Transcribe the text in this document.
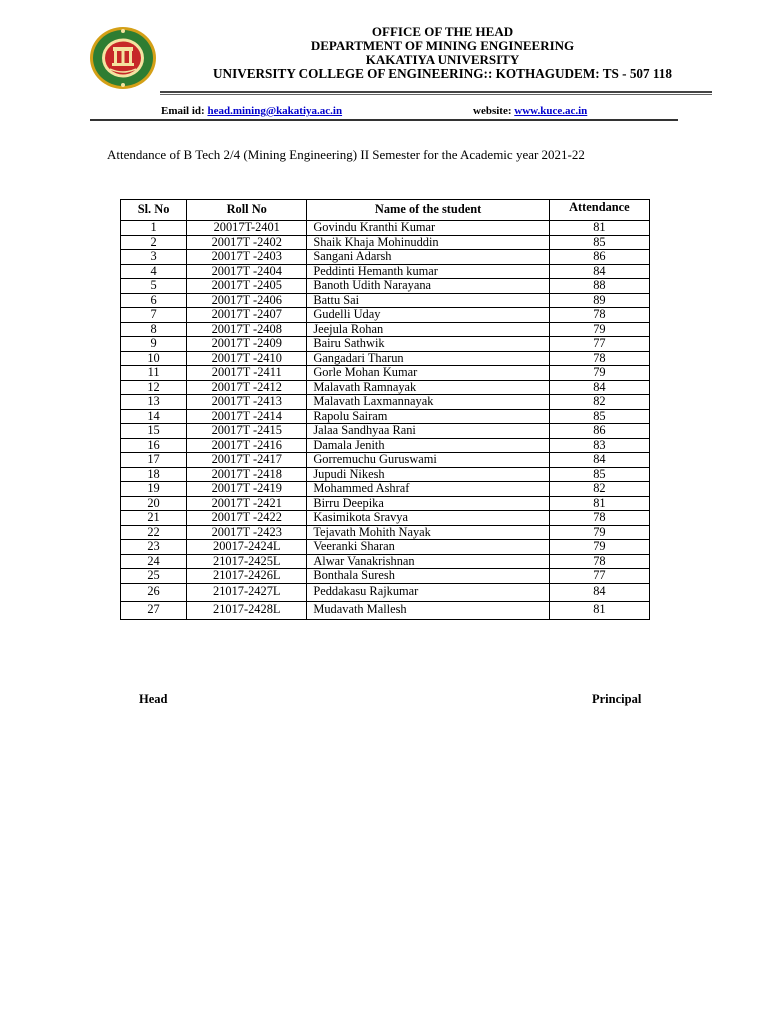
OFFICE OF THE HEAD
DEPARTMENT OF MINING ENGINEERING
KAKATIYA UNIVERSITY
UNIVERSITY COLLEGE OF ENGINEERING:: KOTHAGUDEM: TS - 507 118
Email id: head.mining@kakatiya.ac.in	website: www.kuce.ac.in
Attendance of B Tech 2/4 (Mining Engineering) II Semester for the Academic year 2021-22
Sl. No	Roll No	Name of the student	Attendance
1	20017T-2401	Govindu Kranthi Kumar	81
2	20017T -2402	Shaik Khaja Mohinuddin	85
3	20017T -2403	Sangani Adarsh	86
4	20017T -2404	Peddinti Hemanth kumar	84
5	20017T -2405	Banoth Udith Narayana	88
6	20017T -2406	Battu Sai	89
7	20017T -2407	Gudelli Uday	78
8	20017T -2408	Jeejula Rohan	79
9	20017T -2409	Bairu Sathwik	77
10	20017T -2410	Gangadari Tharun	78
11	20017T -2411	Gorle Mohan Kumar	79
12	20017T -2412	Malavath Ramnayak	84
13	20017T -2413	Malavath Laxmannayak	82
14	20017T -2414	Rapolu Sairam	85
15	20017T -2415	Jalaa Sandhyaa Rani	86
16	20017T -2416	Damala Jenith	83
17	20017T -2417	Gorremuchu Guruswami	84
18	20017T -2418	Jupudi Nikesh	85
19	20017T -2419	Mohammed Ashraf	82
20	20017T -2421	Birru Deepika	81
21	20017T -2422	Kasimikota Sravya	78
22	20017T -2423	Tejavath Mohith Nayak	79
23	20017-2424L	Veeranki Sharan	79
24	21017-2425L	Alwar Vanakrishnan	78
25	21017-2426L	Bonthala Suresh	77
26	21017-2427L	Peddakasu Rajkumar	84
27	21017-2428L	Mudavath Mallesh	81
Head	Principal
